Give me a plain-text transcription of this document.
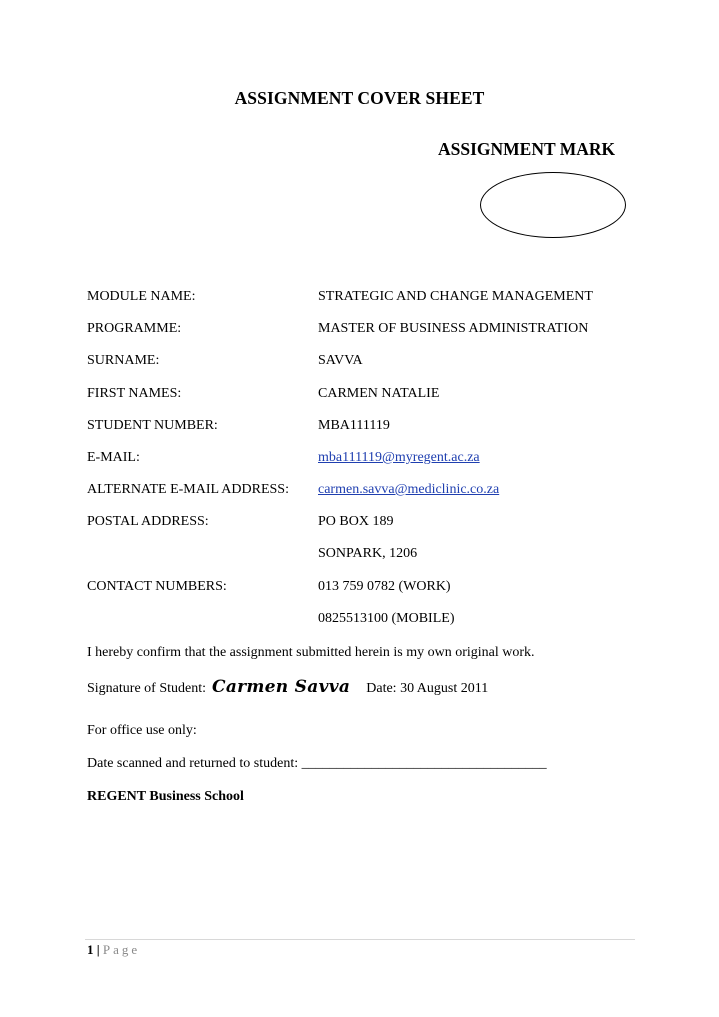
ASSIGNMENT COVER SHEET
ASSIGNMENT MARK
MODULE NAME:	STRATEGIC AND CHANGE MANAGEMENT
PROGRAMME:	MASTER OF BUSINESS ADMINISTRATION
SURNAME:	SAVVA
FIRST NAMES:	CARMEN NATALIE
STUDENT NUMBER:	MBA111119
E-MAIL:	mba111119@myregent.ac.za
ALTERNATE E-MAIL ADDRESS: carmen.savva@mediclinic.co.za
POSTAL ADDRESS:	PO BOX 189
SONPARK, 1206
CONTACT NUMBERS:	013 759 0782 (WORK)
0825513100 (MOBILE)
I hereby confirm that the assignment submitted herein is my own original work.
Signature of Student: Carmen Savva Date: 30 August 2011
For office use only:
Date scanned and returned to student: ___________________________________
REGENT Business School
1 | Page
